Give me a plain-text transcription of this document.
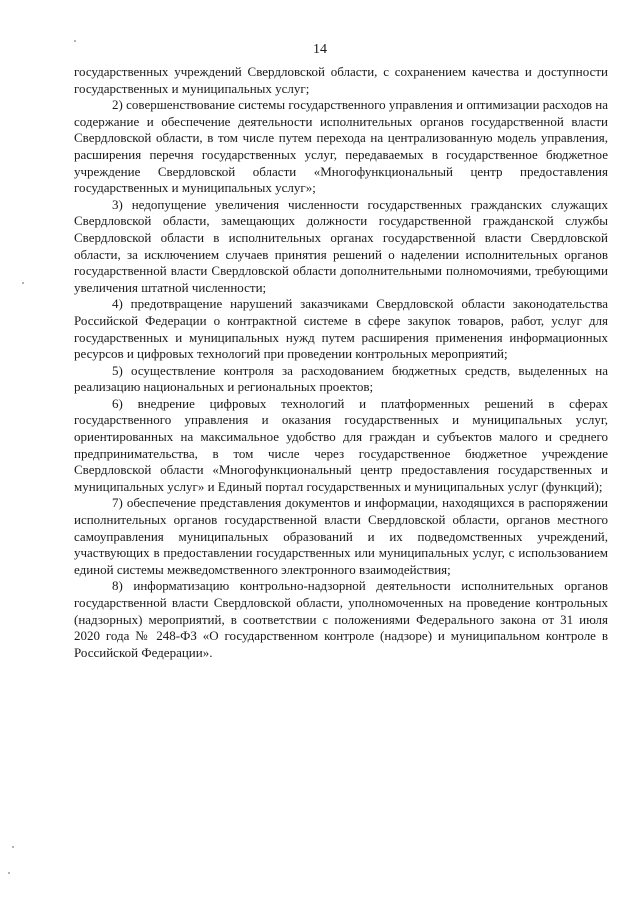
14

государственных учреждений Свердловской области, с сохранением качества и доступности государственных и муниципальных услуг;

2) совершенствование системы государственного управления и оптимизации расходов на содержание и обеспечение деятельности исполнительных органов государственной власти Свердловской области, в том числе путем перехода на централизованную модель управления, расширения перечня государственных услуг, передаваемых в государственное бюджетное учреждение Свердловской области «Многофункциональный центр предоставления государственных и муниципальных услуг»;

3) недопущение увеличения численности государственных гражданских служащих Свердловской области, замещающих должности государственной гражданской службы Свердловской области в исполнительных органах государственной власти Свердловской области, за исключением случаев принятия решений о наделении исполнительных органов государственной власти Свердловской области дополнительными полномочиями, требующими увеличения штатной численности;

4) предотвращение нарушений заказчиками Свердловской области законодательства Российской Федерации о контрактной системе в сфере закупок товаров, работ, услуг для государственных и муниципальных нужд путем расширения применения информационных ресурсов и цифровых технологий при проведении контрольных мероприятий;

5) осуществление контроля за расходованием бюджетных средств, выделенных на реализацию национальных и региональных проектов;

6) внедрение цифровых технологий и платформенных решений в сферах государственного управления и оказания государственных и муниципальных услуг, ориентированных на максимальное удобство для граждан и субъектов малого и среднего предпринимательства, в том числе через государственное бюджетное учреждение Свердловской области «Многофункциональный центр предоставления государственных и муниципальных услуг» и Единый портал государственных и муниципальных услуг (функций);

7) обеспечение представления документов и информации, находящихся в распоряжении исполнительных органов государственной власти Свердловской области, органов местного самоуправления муниципальных образований и их подведомственных учреждений, участвующих в предоставлении государственных или муниципальных услуг, с использованием единой системы межведомственного электронного взаимодействия;

8) информатизацию контрольно-надзорной деятельности исполнительных органов государственной власти Свердловской области, уполномоченных на проведение контрольных (надзорных) мероприятий, в соответствии с положениями Федерального закона от 31 июля 2020 года № 248-ФЗ «О государственном контроле (надзоре) и муниципальном контроле в Российской Федерации».
